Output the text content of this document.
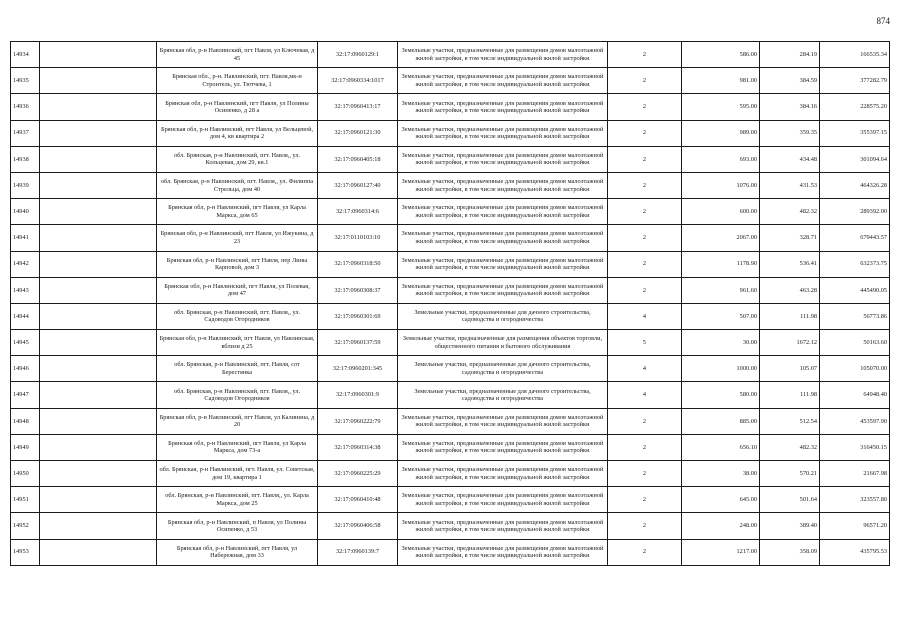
874
14934		Брянская обл, р-н Навлинский, пгт Навля, ул Ключевая, д 45	32:17:0960129:1	Земельные участки, предназначенные для размещения домов малоэтажной жилой застройки, в том числе индивидуальной жилой застройки	2	586.00	284.19	166535.34
14935		Брянская обл., р-н. Навлинский, пгт. Навля,мк-н Строитель, ул. Тютчева, 1	32:17:0960334:1017	Земельные участки, предназначенные для размещения домов малоэтажной жилой застройки, в том числе индивидуальной жилой застройки	2	981.00	384.59	377282.79
14936		Брянская обл, р-н Навлинский, пгт Навля, ул Полины Осипенко, д 28 а	32:17:0960413:17	Земельные участки, предназначенные для размещения домов малоэтажной жилой застройки, в том числе индивидуальной жилой застройки	2	595.00	384.16	228575.20
14937		Брянская обл, р-н Навлинский, пгт Навля, ул Вельцевой, дом 4, кв квартира 2	32:17:0960121:30	Земельные участки, предназначенные для размещения домов малоэтажной жилой застройки, в том числе индивидуальной жилой застройки	2	989.00	359.35	355397.15
14938		обл. Брянская, р-н Навлинский, пгт. Навля,, ул. Кольцевая, дом 29, кв.1	32:17:0960405:18	Земельные участки, предназначенные для размещения домов малоэтажной жилой застройки, в том числе индивидуальной жилой застройки	2	693.00	434.48	301094.64
14939		обл. Брянская, р-н Навлинский, пгт. Навля,, ул. Филиппа Стрельца, дом 40	32:17:0960127:40	Земельные участки, предназначенные для размещения домов малоэтажной жилой застройки, в том числе индивидуальной жилой застройки	2	1076.00	431.53	464326.28
14940		Брянская обл, р-н Навлинский, пгт Навля, ул Карла Маркса, дом 65	32:17:0960314:6	Земельные участки, предназначенные для размещения домов малоэтажной жилой застройки, в том числе индивидуальной жилой застройки	2	600.00	482.32	289392.00
14941		Брянская обл, р-н Навлинский, пгт Навля, ул Ижукина, д 23	32:17:0110103:10	Земельные участки, предназначенные для размещения домов малоэтажной жилой застройки, в том числе индивидуальной жилой застройки	2	2067.00	328.71	679443.57
14942		Брянская обл, р-н Навлинский, пгт Навля, пер Лины Карповой, дом 3	32:17:0960318:50	Земельные участки, предназначенные для размещения домов малоэтажной жилой застройки, в том числе индивидуальной жилой застройки	2	1178.90	536.41	632373.75
14943		Брянская обл, р-н Навлинский, пгт Навля, ул Полевая, дом 47	32:17:0960308:37	Земельные участки, предназначенные для размещения домов малоэтажной жилой застройки, в том числе индивидуальной жилой застройки	2	961.60	463.28	445490.05
14944		обл. Брянская, р-н Навлинский, пгт. Навля,, ул. Садоводов Огородников	32:17:0960301:69	Земельные участки, предназначенные для дачного строительства, садоводства и огородничества	4	507.00	111.98	56773.86
14945		Брянская обл, р-н Навлинский, пгт Навля, ул Навлинская, вблизи д 25	32:17:0960137:59	Земельные участки, предназначенные для размещения объектов торговли, общественного питания и бытового обслуживания	5	30.00	1672.12	50163.60
14946		обл. Брянская, р-н Навлинский, пгт. Навля, сот Берестянка	32:17:0960201:345	Земельные участки, предназначенные для дачного строительства, садоводства и огородничества	4	1000.00	105.07	105070.00
14947		обл. Брянская, р-н Навлинский, пгт. Навля,, ул. Садоводов Огородников	32:17:0960301:9	Земельные участки, предназначенные для дачного строительства, садоводства и огородничества	4	580.00	111.98	64948.40
14948		Брянская обл, р-н Навлинский, пгт Навля, ул Калинина, д 20	32:17:0960222:79	Земельные участки, предназначенные для размещения домов малоэтажной жилой застройки, в том числе индивидуальной жилой застройки	2	885.00	512.54	453597.90
14949		Брянская обл, р-н Навлинский, пгт Навля, ул Карла Маркса, дом 73-а	32:17:0960314:38	Земельные участки, предназначенные для размещения домов малоэтажной жилой застройки, в том числе индивидуальной жилой застройки	2	656.10	482.32	316450.15
14950		обл. Брянская, р-н Навлинский, пгт. Навля, ул. Советская, дом 19, квартира 1	32:17:0960225:29	Земельные участки, предназначенные для размещения домов малоэтажной жилой застройки, в том числе индивидуальной жилой застройки	2	38.00	570.21	21667.98
14951		обл. Брянская, р-н Навлинский, пгт. Навля,, ул. Карла Маркса, дом 25	32:17:0960410:48	Земельные участки, предназначенные для размещения домов малоэтажной жилой застройки, в том числе индивидуальной жилой застройки	2	645.00	501.64	323557.80
14952		Брянская обл, р-н Навлинский, п Навля, ул Полины Осипенко, д 53	32:17:0960406:58	Земельные участки, предназначенные для размещения домов малоэтажной жилой застройки, в том числе индивидуальной жилой застройки	2	248.00	389.40	96571.20
14953		Брянская обл, р-н Навлинский, пгт Навля, ул Набережная, дом 33	32:17:0960139:7	Земельные участки, предназначенные для размещения домов малоэтажной жилой застройки, в том числе индивидуальной жилой застройки	2	1217.00	358.09	435795.53
